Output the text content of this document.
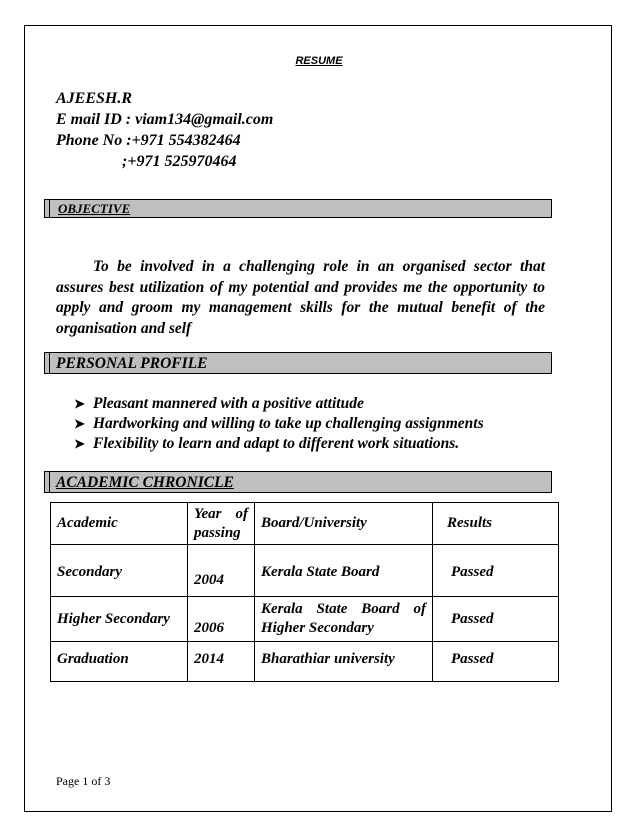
RESUME
AJEESH.R
E mail ID : viam134@gmail.com
Phone No :+971 554382464
;+971 525970464
OBJECTIVE
To be involved in a challenging role in an organised sector that assures best utilization of my potential and provides me the opportunity to apply and groom my management skills for the mutual benefit of the organisation and self
PERSONAL PROFILE
➤ Pleasant mannered with a positive attitude
➤ Hardworking and willing to take up challenging assignments
➤ Flexibility to learn and adapt to different work situations.
ACADEMIC CHRONICLE
Academic	Year of passing	Board/University	Results
Secondary	2004	Kerala State Board	Passed
Higher Secondary	2006	Kerala State Board of Higher Secondary	Passed
Graduation	2014	Bharathiar university	Passed
Page 1 of 3
